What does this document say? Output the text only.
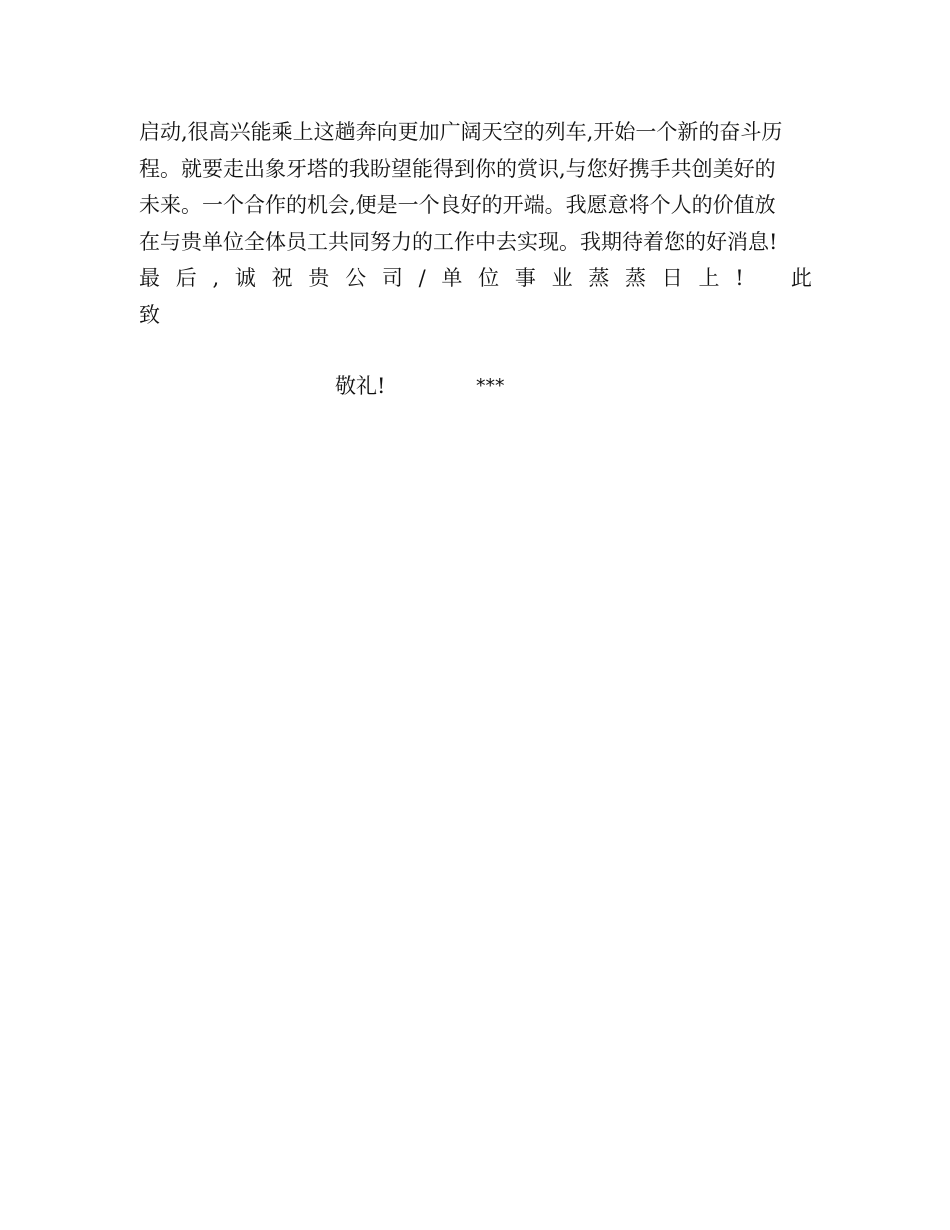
启动,很高兴能乘上这趟奔向更加广阔天空的列车,开始一个新的奋斗历
程。就要走出象牙塔的我盼望能得到你的赏识,与您好携手共创美好的
未来。一个合作的机会,便是一个良好的开端。我愿意将个人的价值放
在与贵单位全体员工共同努力的工作中去实现。我期待着您的好消息!
最 后 , 诚 祝 贵 公 司 / 单 位 事 业 蒸 蒸 日 上 ! 此
致
敬礼!	***
